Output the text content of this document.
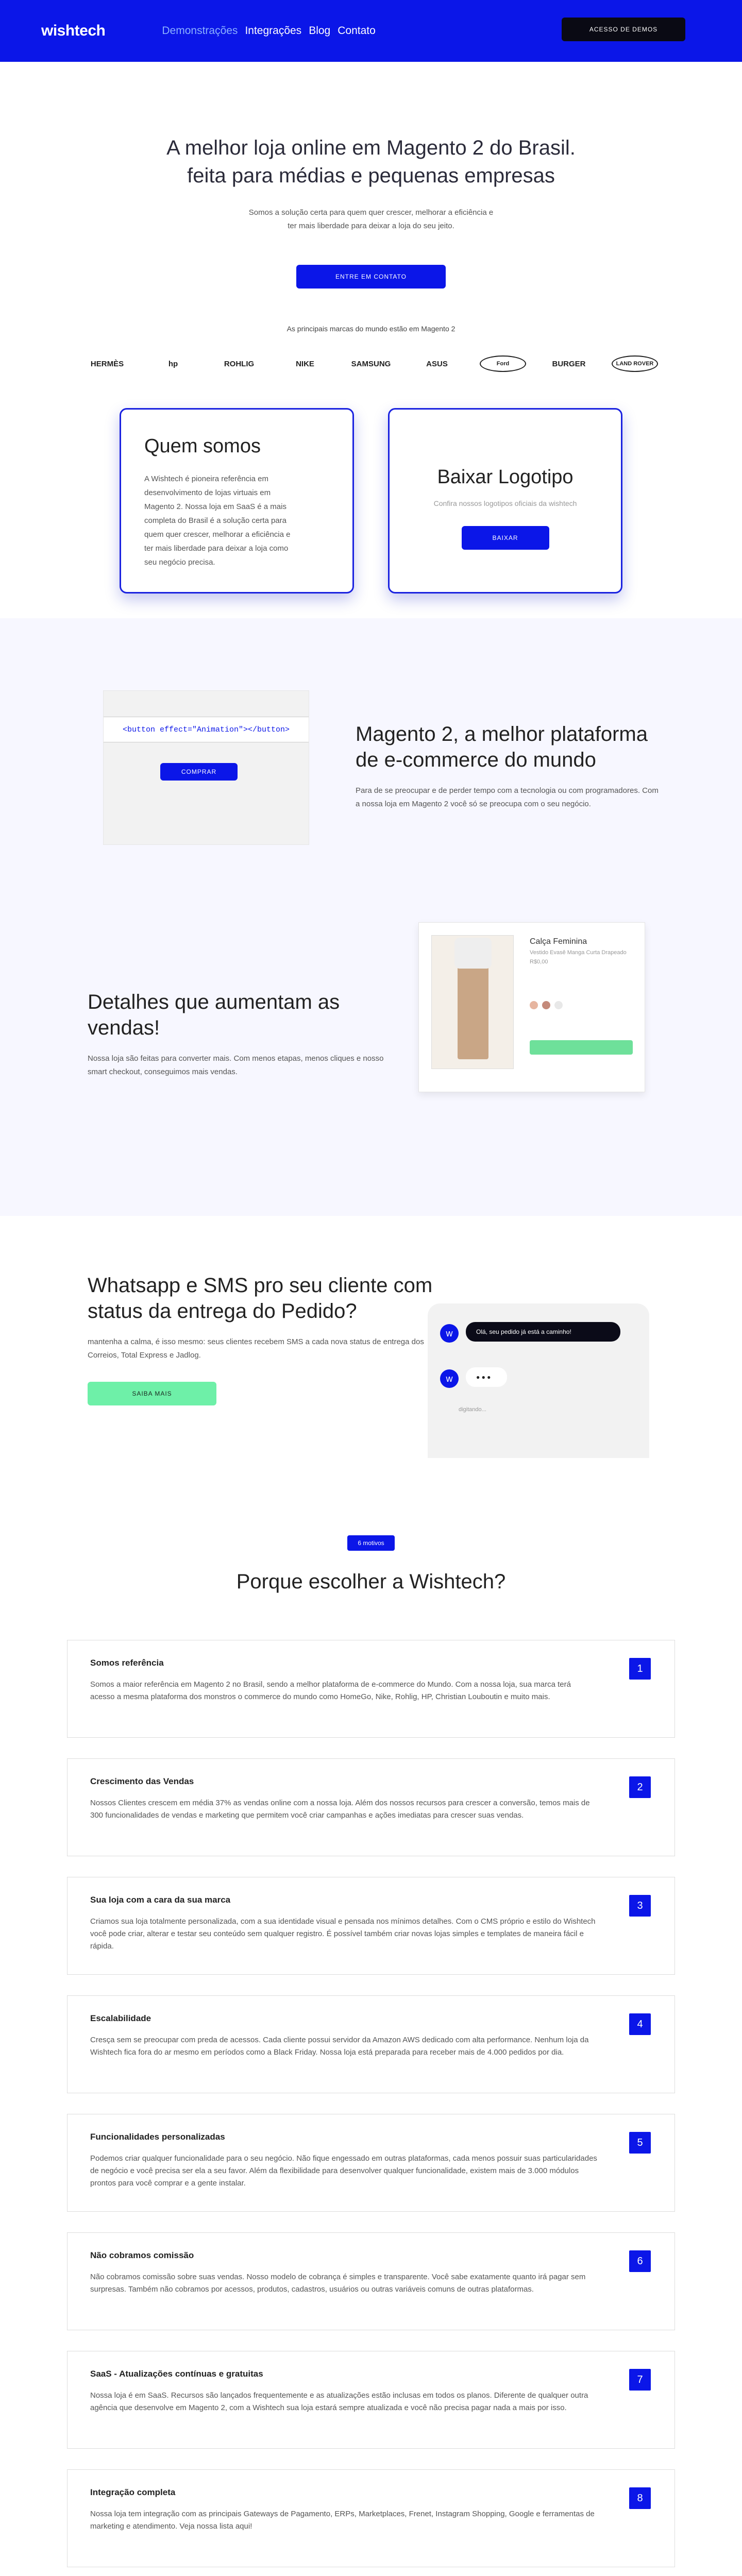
wishtech	Demonstrações Integrações Blog Contato	ACESSO DE DEMOS
A melhor loja online em Magento 2 do Brasil.
feita para médias e pequenas empresas

Somos a solução certa para quem quer crescer, melhorar a eficiência e ter mais liberdade para deixar a loja do seu jeito.

ENTRE EM CONTATO
As principais marcas do mundo estão em Magento 2
HERMÈS	hp	ROHLIG	NIKE	SAMSUNG	ASUS	Ford	BURGER	LAND ROVER
Quem somos

A Wishtech é pioneira referência em desenvolvimento de lojas virtuais em Magento 2. Nossa loja em SaaS é a mais completa do Brasil é a solução certa para quem quer crescer, melhorar a eficiência e ter mais liberdade para deixar a loja como seu negócio precisa.

Baixar Logotipo

Confira nossos logotipos oficiais da wishtech

BAIXAR
<button effect="Animation"></button>
COMPRAR
Magento 2, a melhor plataforma de e-commerce do mundo

Para de se preocupar e de perder tempo com a tecnologia ou com programadores. Com a nossa loja em Magento 2 você só se preocupa com o seu negócio.

Detalhes que aumentam as vendas!

Nossa loja são feitas para converter mais. Com menos etapas, menos cliques e nosso smart checkout, conseguimos mais vendas.

Calça Feminina
Vestido Evasê Manga Curta Drapeado
R$0,00
Whatsapp e SMS pro seu cliente com status da entrega do Pedido?

mantenha a calma, é isso mesmo: seus clientes recebem SMS a cada nova status de entrega dos Correios, Total Express e Jadlog.

SAIBA MAIS
w	Olá, seu pedido já está a caminho!
w	● ● ●
digitando...
6 motivos
Porque escolher a Wishtech?
Somos referência

Somos a maior referência em Magento 2 no Brasil, sendo a melhor plataforma de e-commerce do Mundo. Com a nossa loja, sua marca terá acesso a mesma plataforma dos monstros o commerce do mundo como HomeGo, Nike, Rohlig, HP, Christian Louboutin e muito mais.

1
Crescimento das Vendas

Nossos Clientes crescem em média 37% as vendas online com a nossa loja. Além dos nossos recursos para crescer a conversão, temos mais de 300 funcionalidades de vendas e marketing que permitem você criar campanhas e ações imediatas para crescer suas vendas.

2
Sua loja com a cara da sua marca

Criamos sua loja totalmente personalizada, com a sua identidade visual e pensada nos mínimos detalhes. Com o CMS próprio e estilo do Wishtech você pode criar, alterar e testar seu conteúdo sem qualquer registro. É possível também criar novas lojas simples e templates de maneira fácil e rápida.

3
Escalabilidade

Cresça sem se preocupar com preda de acessos. Cada cliente possui servidor da Amazon AWS dedicado com alta performance. Nenhum loja da Wishtech fica fora do ar mesmo em períodos como a Black Friday. Nossa loja está preparada para receber mais de 4.000 pedidos por dia.

4
Funcionalidades personalizadas

Podemos criar qualquer funcionalidade para o seu negócio. Não fique engessado em outras plataformas, cada menos possuir suas particularidades de negócio e você precisa ser ela a seu favor. Além da flexibilidade para desenvolver qualquer funcionalidade, existem mais de 3.000 módulos prontos para você comprar e a gente instalar.

5
Não cobramos comissão

Não cobramos comissão sobre suas vendas. Nosso modelo de cobrança é simples e transparente. Você sabe exatamente quanto irá pagar sem surpresas. Também não cobramos por acessos, produtos, cadastros, usuários ou outras variáveis comuns de outras plataformas.

6
SaaS - Atualizações contínuas e gratuitas

Nossa loja é em SaaS. Recursos são lançados frequentemente e as atualizações estão inclusas em todos os planos. Diferente de qualquer outra agência que desenvolve em Magento 2, com a Wishtech sua loja estará sempre atualizada e você não precisa pagar nada a mais por isso.

7
Integração completa

Nossa loja tem integração com as principais Gateways de Pagamento, ERPs, Marketplaces, Frenet, Instagram Shopping, Google e ferramentas de marketing e atendimento. Veja nossa lista aqui!

8
